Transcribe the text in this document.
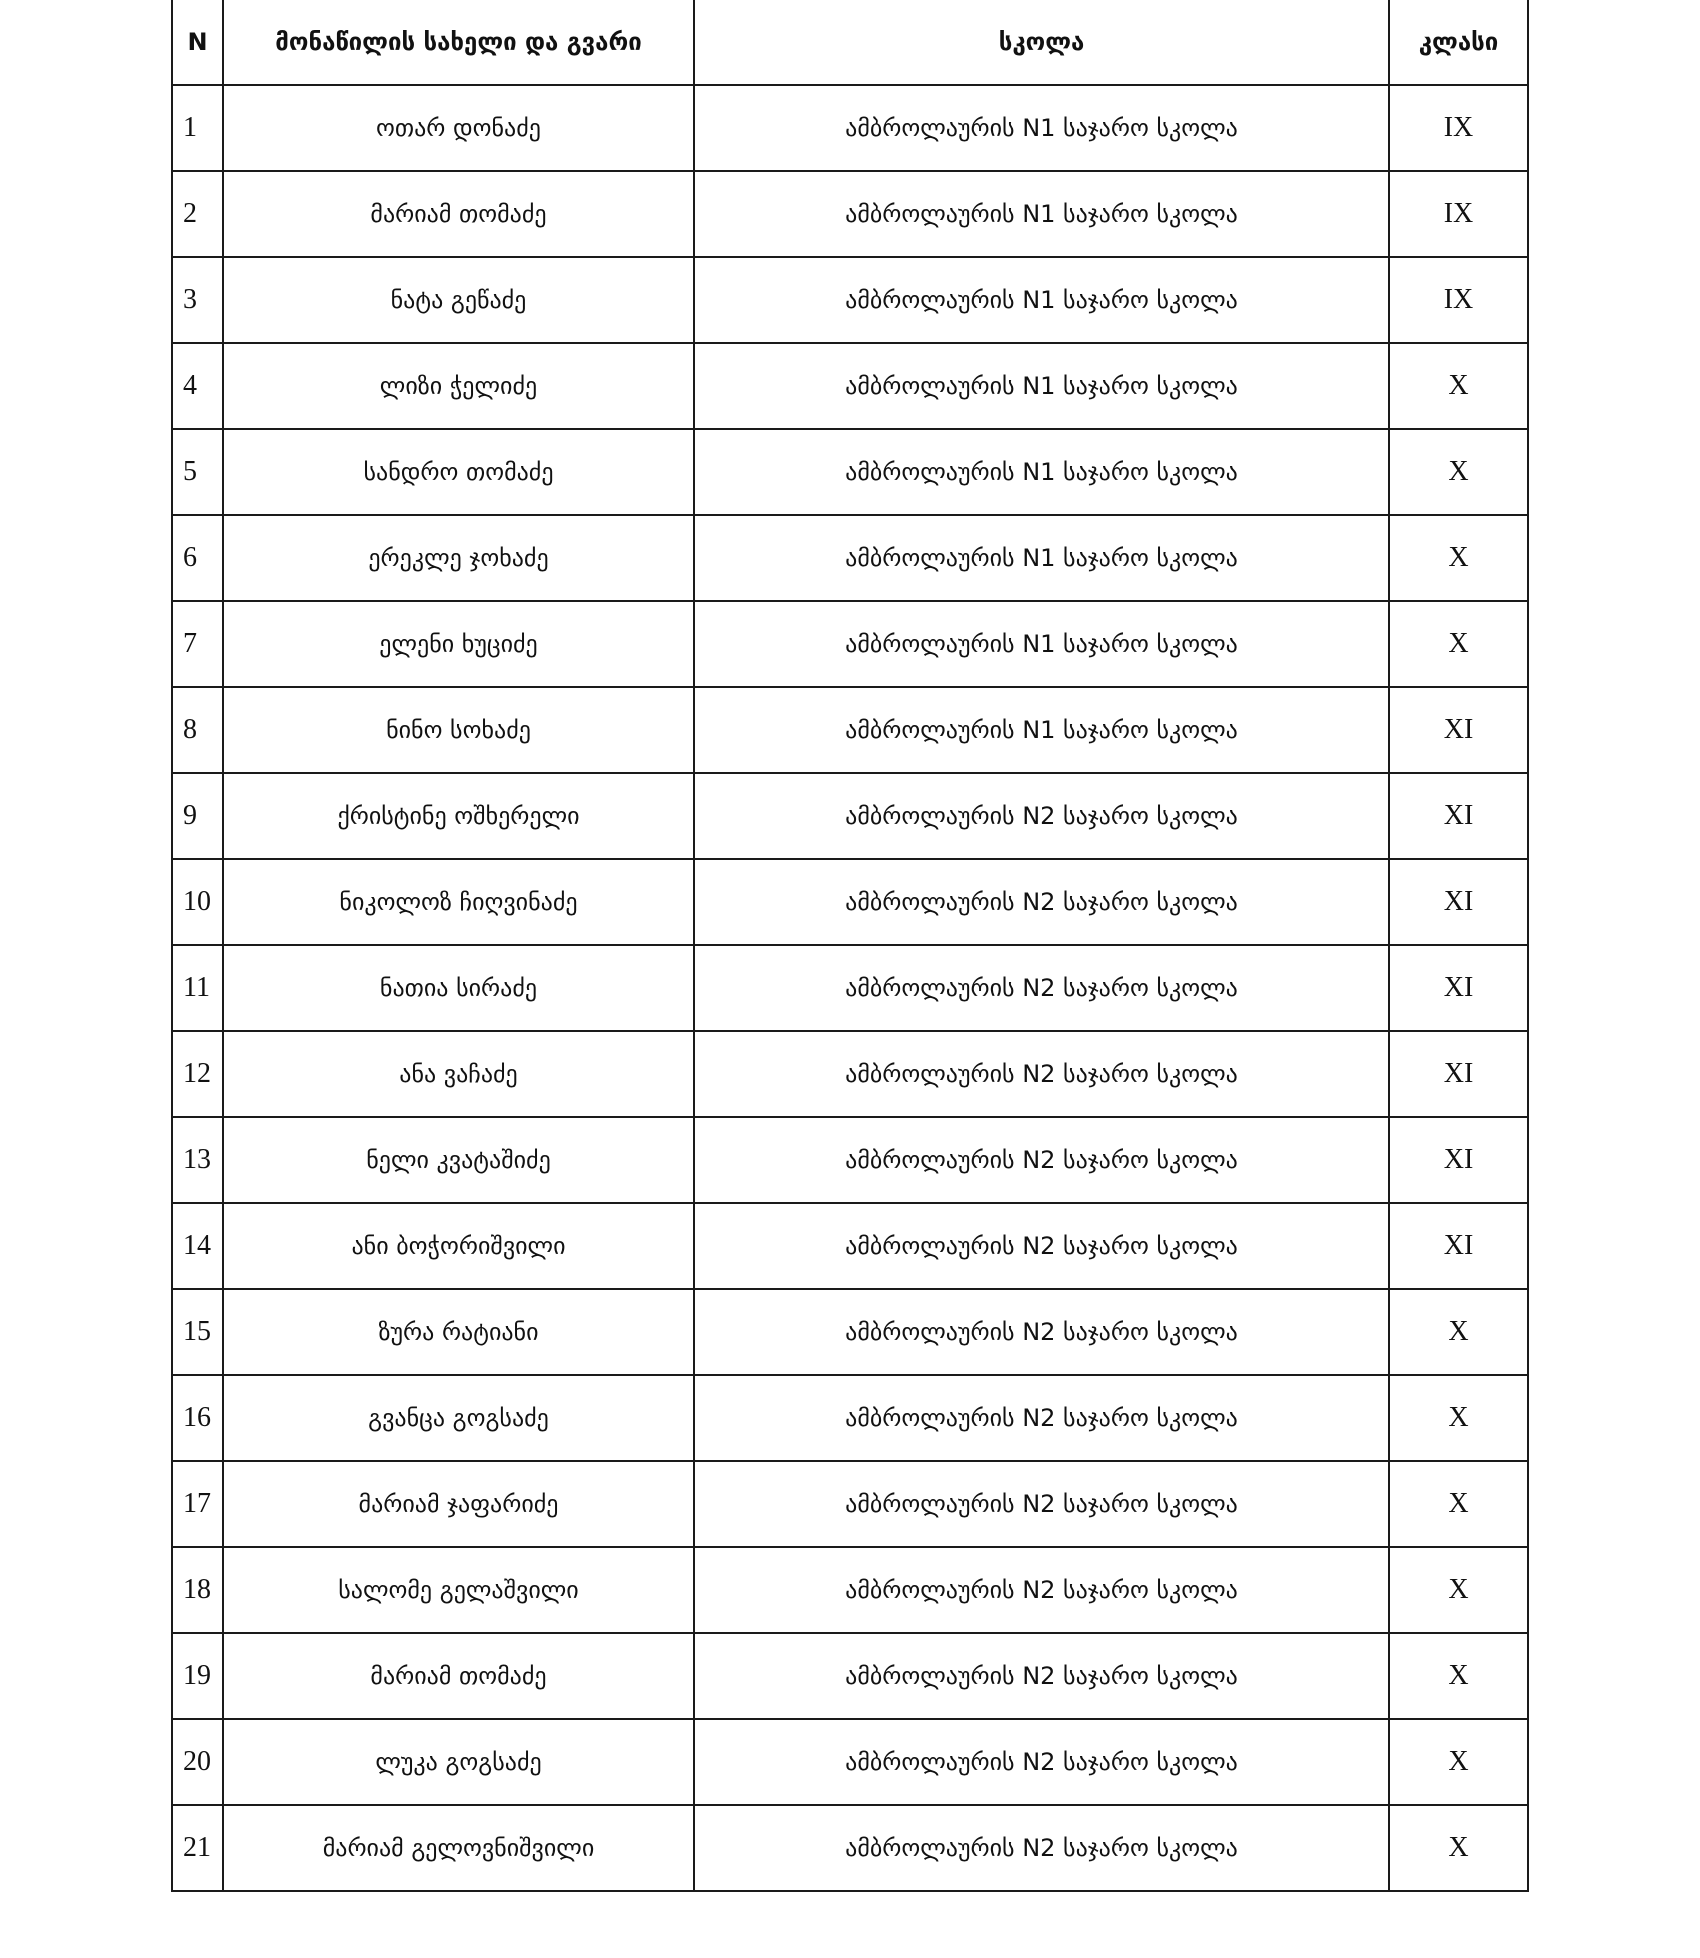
N	მონაწილის სახელი და გვარი	სკოლა	კლასი
1	ოთარ დონაძე	ამბროლაურის N1 საჯარო სკოლა	IX
2	მარიამ თომაძე	ამბროლაურის N1 საჯარო სკოლა	IX
3	ნატა გეწაძე	ამბროლაურის N1 საჯარო სკოლა	IX
4	ლიზი ჭელიძე	ამბროლაურის N1 საჯარო სკოლა	X
5	სანდრო თომაძე	ამბროლაურის N1 საჯარო სკოლა	X
6	ერეკლე ჯოხაძე	ამბროლაურის N1 საჯარო სკოლა	X
7	ელენი ხუციძე	ამბროლაურის N1 საჯარო სკოლა	X
8	ნინო სოხაძე	ამბროლაურის N1 საჯარო სკოლა	XI
9	ქრისტინე ოშხერელი	ამბროლაურის N2 საჯარო სკოლა	XI
10	ნიკოლოზ ჩიღვინაძე	ამბროლაურის N2 საჯარო სკოლა	XI
11	ნათია სირაძე	ამბროლაურის N2 საჯარო სკოლა	XI
12	ანა ვაჩაძე	ამბროლაურის N2 საჯარო სკოლა	XI
13	ნელი კვატაშიძე	ამბროლაურის N2 საჯარო სკოლა	XI
14	ანი ბოჭორიშვილი	ამბროლაურის N2 საჯარო სკოლა	XI
15	ზურა რატიანი	ამბროლაურის N2 საჯარო სკოლა	X
16	გვანცა გოგსაძე	ამბროლაურის N2 საჯარო სკოლა	X
17	მარიამ ჯაფარიძე	ამბროლაურის N2 საჯარო სკოლა	X
18	სალომე გელაშვილი	ამბროლაურის N2 საჯარო სკოლა	X
19	მარიამ თომაძე	ამბროლაურის N2 საჯარო სკოლა	X
20	ლუკა გოგსაძე	ამბროლაურის N2 საჯარო სკოლა	X
21	მარიამ გელოვნიშვილი	ამბროლაურის N2 საჯარო სკოლა	X
